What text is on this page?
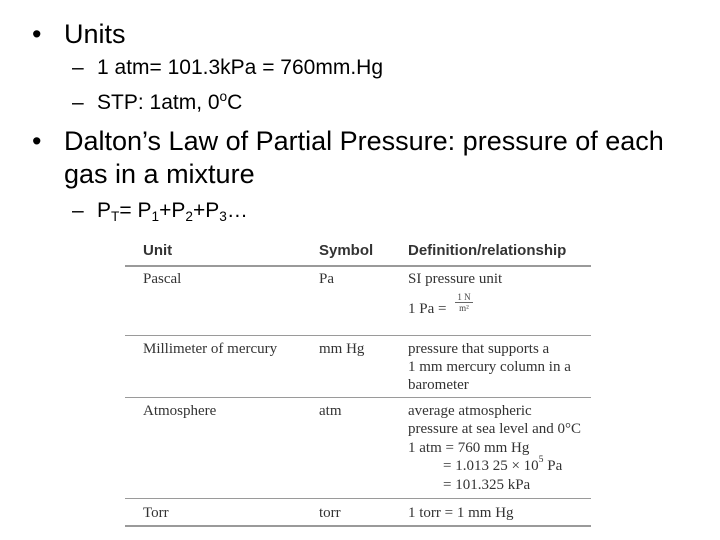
• Units
– 1 atm= 101.3kPa = 760mm.Hg
– STP: 1atm, 0$^o$C
• Dalton’s Law of Partial Pressure: pressure of each
gas in a mixture
– $P_T=$ $P_1+P_2+P_3\dots$
Unit	Symbol Definition/relationship
Pascal	Pa	SI pressure unit
1 Pa =
1 N
m²
Millimeter of mercury	mm Hg	pressure that supports a
1 mm mercury column in a
barometer
Atmosphere	atm	average atmospheric
pressure at sea level and 0°C
1 atm = 760 mm Hg
= 1.013 $25 \times 10^5$ Pa
= 101.325 kPa
Torr	torr	1 torr = 1 mm Hg
